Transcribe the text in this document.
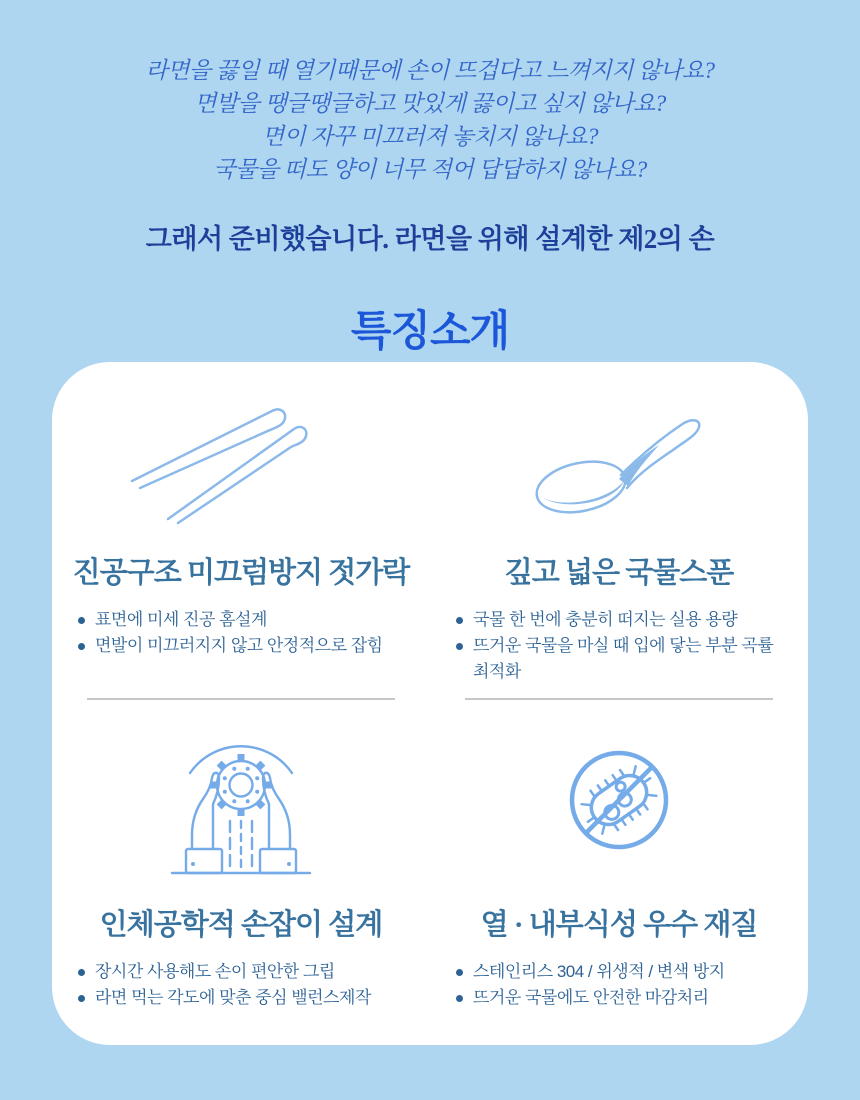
라면을 끓일 때 열기때문에 손이 뜨겁다고 느껴지지 않나요?

면발을 땡글땡글하고 맛있게 끓이고 싶지 않나요?

면이 자꾸 미끄러져 놓치지 않나요?

국물을 떠도 양이 너무 적어 답답하지 않나요?

그래서 준비했습니다. 라면을 위해 설계한 제2의 손

특징소개
진공구조 미끄럼방지 젓가락
표면에 미세 진공 홈설계
면발이 미끄러지지 않고 안정적으로 잡힘
깊고 넓은 국물스푼
국물 한 번에 충분히 떠지는 실용 용량
뜨거운 국물을 마실 때 입에 닿는 부분 곡률 최적화
인체공학적 손잡이 설계
장시간 사용해도 손이 편안한 그립
라면 먹는 각도에 맞춘 중심 밸런스제작
열 · 내부식성 우수 재질
스테인리스 304 / 위생적 / 변색 방지
뜨거운 국물에도 안전한 마감처리
